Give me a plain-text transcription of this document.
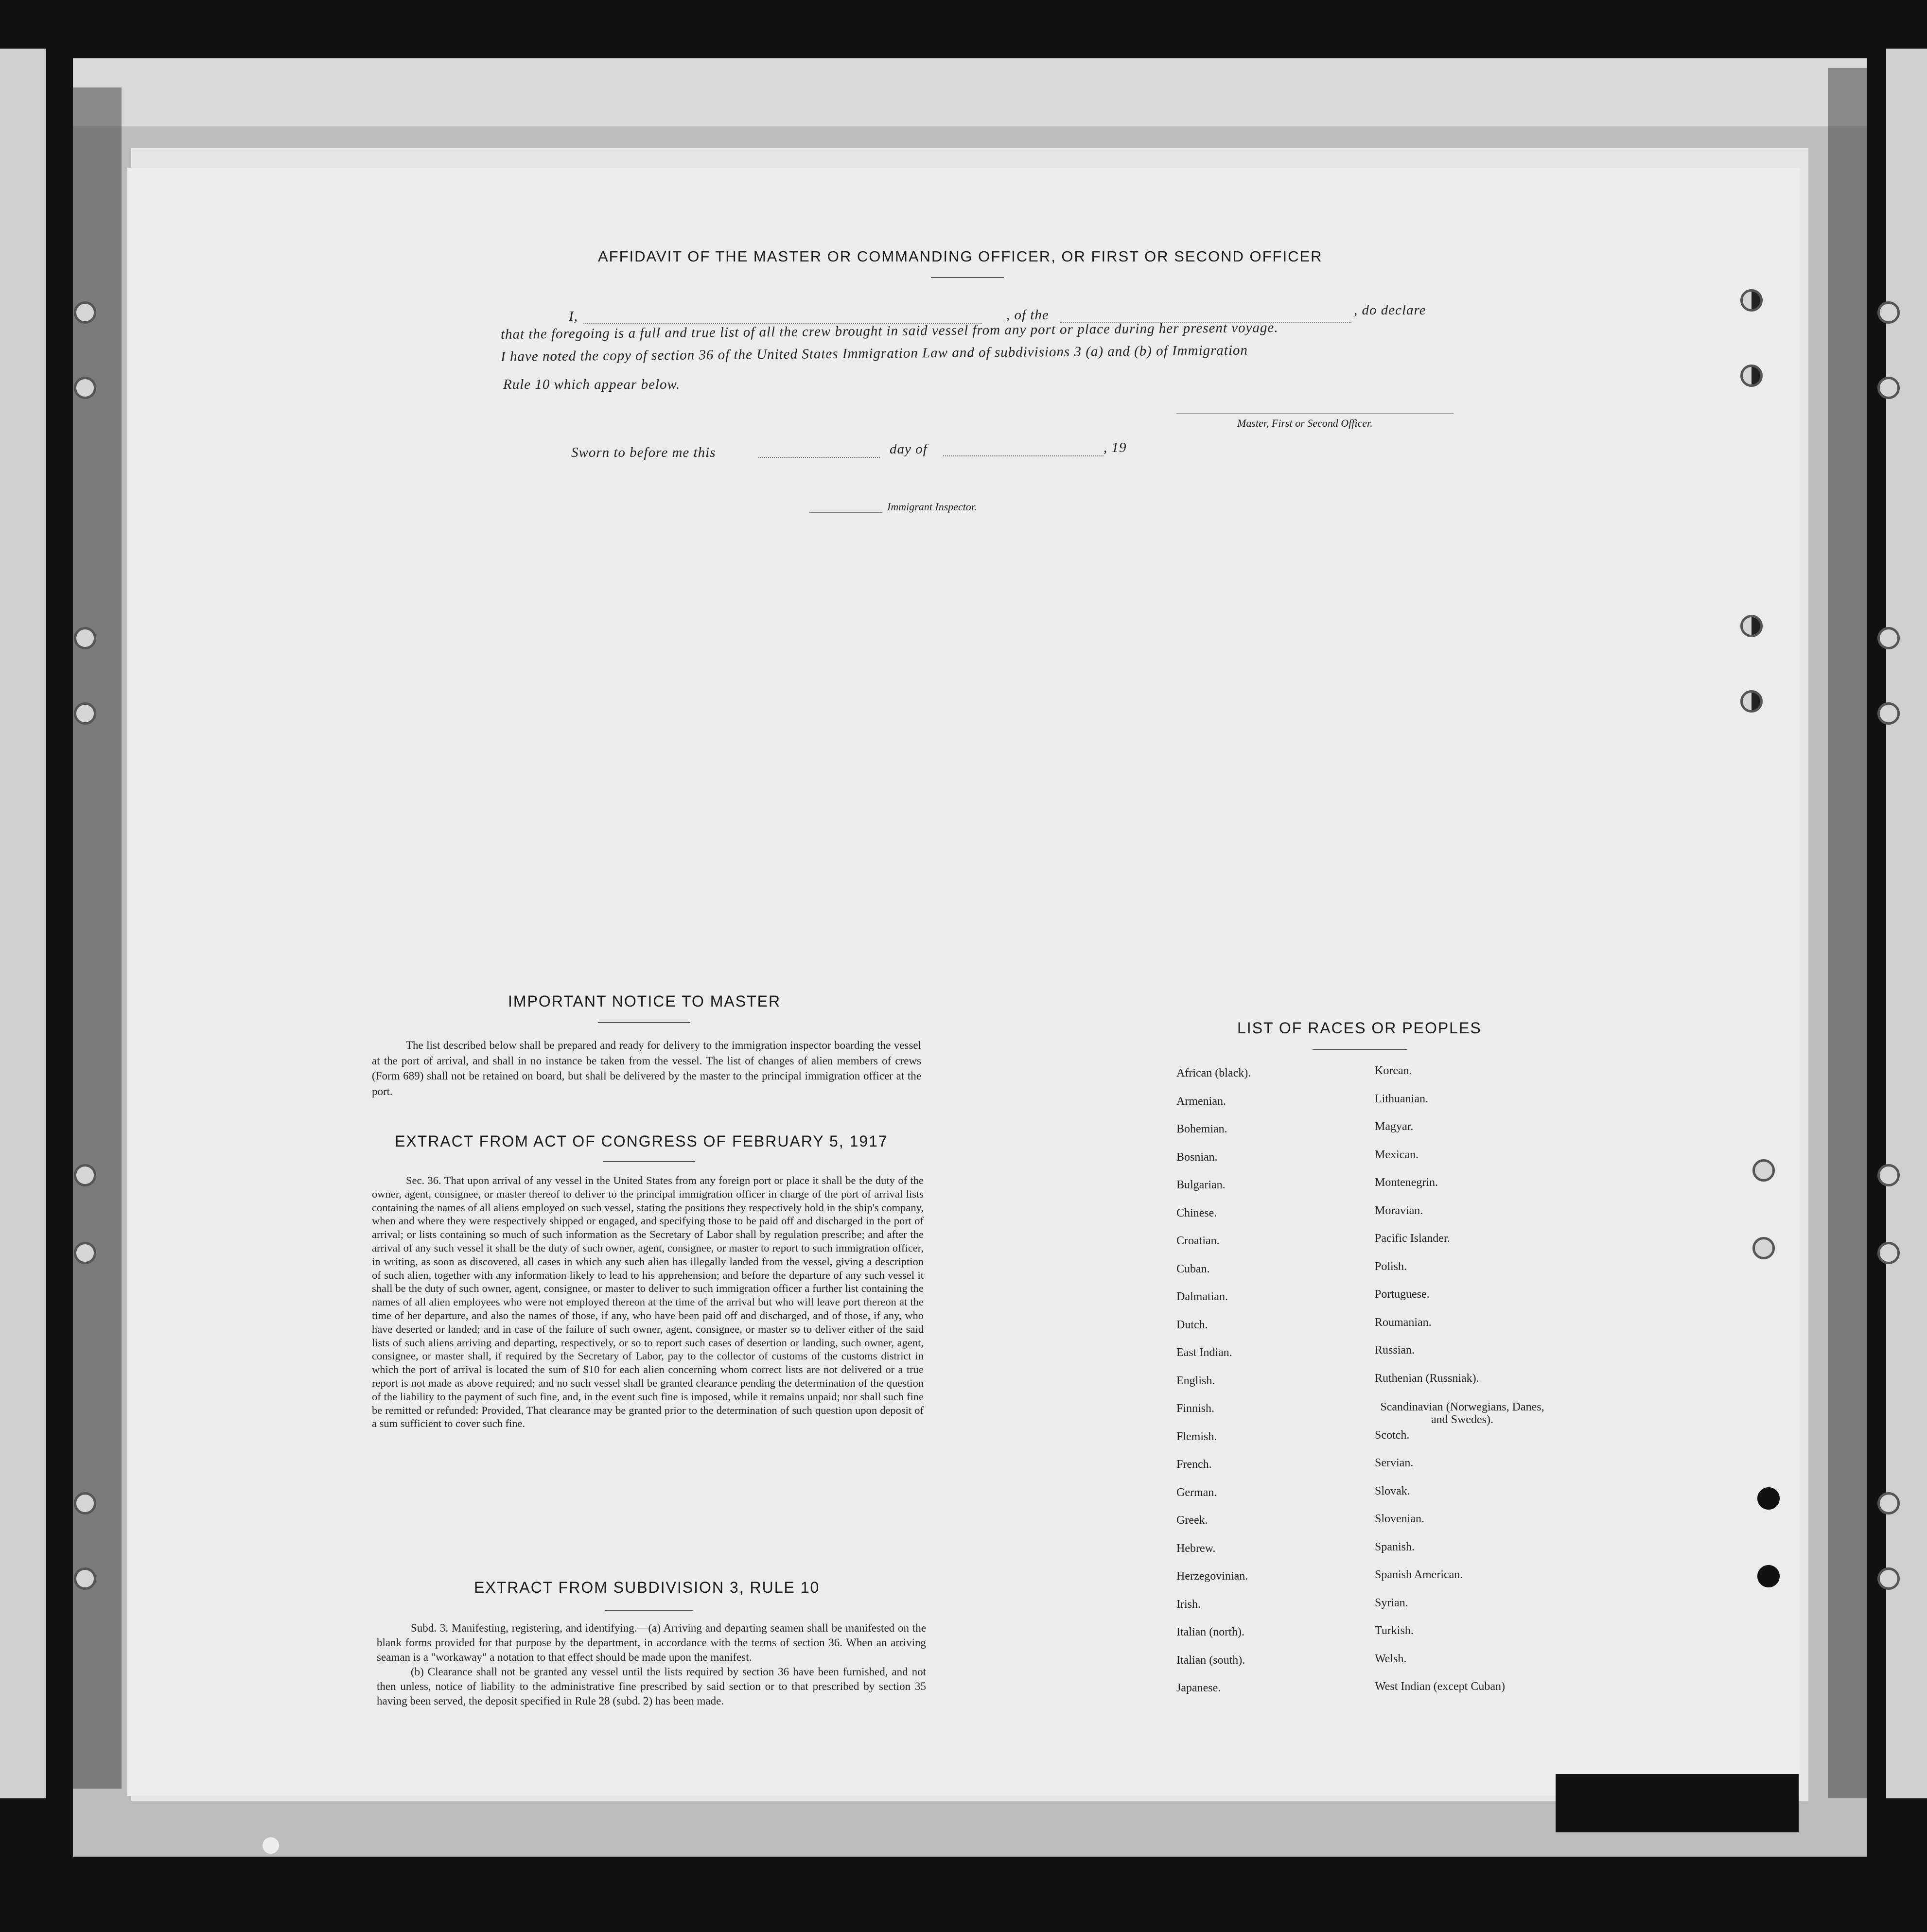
AFFIDAVIT OF THE MASTER OR COMMANDING OFFICER, OR FIRST OR SECOND OFFICER
I,	, of the	, do declare
that the foregoing is a full and true list of all the crew brought in said vessel from any port or place during her present voyage.
I have noted the copy of section 36 of the United States Immigration Law and of subdivisions 3 (a) and (b) of Immigration
Rule 10 which appear below.
Master, First or Second Officer.
Sworn to before me this	day of	, 19
Immigrant Inspector.
IMPORTANT NOTICE TO MASTER

The list described below shall be prepared and ready for delivery to the immigration inspector boarding the vessel at the port of arrival, and shall in no instance be taken from the vessel. The list of changes of alien members of crews (Form 689) shall not be retained on board, but shall be delivered by the master to the principal immigration officer at the port.

EXTRACT FROM ACT OF CONGRESS OF FEBRUARY 5, 1917

Sec. 36. That upon arrival of any vessel in the United States from any foreign port or place it shall be the duty of the owner, agent, consignee, or master thereof to deliver to the principal immigration officer in charge of the port of arrival lists containing the names of all aliens employed on such vessel, stating the positions they respectively hold in the ship's company, when and where they were respectively shipped or engaged, and specifying those to be paid off and discharged in the port of arrival; or lists containing so much of such information as the Secretary of Labor shall by regulation prescribe; and after the arrival of any such vessel it shall be the duty of such owner, agent, consignee, or master to report to such immigration officer, in writing, as soon as discovered, all cases in which any such alien has illegally landed from the vessel, giving a description of such alien, together with any information likely to lead to his apprehension; and before the departure of any such vessel it shall be the duty of such owner, agent, consignee, or master to deliver to such immigration officer a further list containing the names of all alien employees who were not employed thereon at the time of the arrival but who will leave port thereon at the time of her departure, and also the names of those, if any, who have been paid off and discharged, and of those, if any, who have deserted or landed; and in case of the failure of such owner, agent, consignee, or master so to deliver either of the said lists of such aliens arriving and departing, respectively, or so to report such cases of desertion or landing, such owner, agent, consignee, or master shall, if required by the Secretary of Labor, pay to the collector of customs of the customs district in which the port of arrival is located the sum of $10 for each alien concerning whom correct lists are not delivered or a true report is not made as above required; and no such vessel shall be granted clearance pending the determination of the question of the liability to the payment of such fine, and, in the event such fine is imposed, while it remains unpaid; nor shall such fine be remitted or refunded: Provided, That clearance may be granted prior to the determination of such question upon deposit of a sum sufficient to cover such fine.

EXTRACT FROM SUBDIVISION 3, RULE 10

Subd. 3. Manifesting, registering, and identifying.—(a) Arriving and departing seamen shall be manifested on the blank forms provided for that purpose by the department, in accordance with the terms of section 36. When an arriving seaman is a "workaway" a notation to that effect should be made upon the manifest.

(b) Clearance shall not be granted any vessel until the lists required by section 36 have been furnished, and not then unless, notice of liability to the administrative fine prescribed by said section or to that prescribed by section 35 having been served, the deposit specified in Rule 28 (subd. 2) has been made.

LIST OF RACES OR PEOPLES
African (black).
Armenian.
Bohemian.
Bosnian.
Bulgarian.
Chinese.
Croatian.
Cuban.
Dalmatian.
Dutch.
East Indian.
English.
Finnish.
Flemish.
French.
German.
Greek.
Hebrew.
Herzegovinian.
Irish.
Italian (north).
Italian (south).
Japanese.
Korean.
Lithuanian.
Magyar.
Mexican.
Montenegrin.
Moravian.
Pacific Islander.
Polish.
Portuguese.
Roumanian.
Russian.
Ruthenian (Russniak).
Scandinavian (Norwegians, Danes, and Swedes).
Scotch.
Servian.
Slovak.
Slovenian.
Spanish.
Spanish American.
Syrian.
Turkish.
Welsh.
West Indian (except Cuban)
